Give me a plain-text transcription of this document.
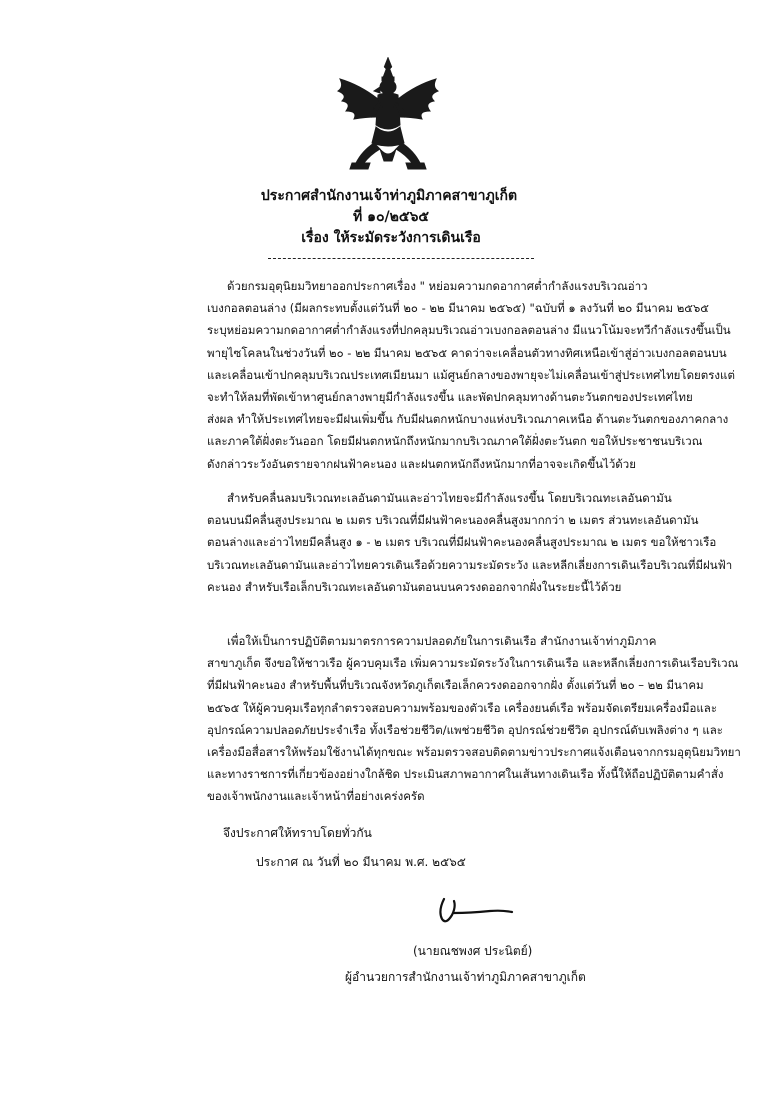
ประกาศสำนักงานเจ้าท่าภูมิภาคสาขาภูเก็ต
ที่ ๑๐/๒๕๖๕
เรื่อง ให้ระมัดระวังการเดินเรือ
ด้วยกรมอุตุนิยมวิทยาออกประกาศเรื่อง " หย่อมความกดอากาศต่ำกำลังแรงบริเวณอ่าว
เบงกอลตอนล่าง (มีผลกระทบตั้งแต่วันที่ ๒๐ - ๒๒ มีนาคม ๒๕๖๕) "ฉบับที่ ๑ ลงวันที่ ๒๐ มีนาคม ๒๕๖๕
ระบุหย่อมความกดอากาศต่ำกำลังแรงที่ปกคลุมบริเวณอ่าวเบงกอลตอนล่าง มีแนวโน้มจะทวีกำลังแรงขึ้นเป็น
พายุไซโคลนในช่วงวันที่ ๒๐ - ๒๒ มีนาคม ๒๕๖๕ คาดว่าจะเคลื่อนตัวทางทิศเหนือเข้าสู่อ่าวเบงกอลตอนบน
และเคลื่อนเข้าปกคลุมบริเวณประเทศเมียนมา แม้ศูนย์กลางของพายุจะไม่เคลื่อนเข้าสู่ประเทศไทยโดยตรงแต่
จะทำให้ลมที่พัดเข้าหาศูนย์กลางพายุมีกำลังแรงขึ้น และพัดปกคลุมทางด้านตะวันตกของประเทศไทย
ส่งผล ทำให้ประเทศไทยจะมีฝนเพิ่มขึ้น กับมีฝนตกหนักบางแห่งบริเวณภาคเหนือ ด้านตะวันตกของภาคกลาง
และภาคใต้ฝั่งตะวันออก โดยมีฝนตกหนักถึงหนักมากบริเวณภาคใต้ฝั่งตะวันตก ขอให้ประชาชนบริเวณ
ดังกล่าวระวังอันตรายจากฝนฟ้าคะนอง และฝนตกหนักถึงหนักมากที่อาจจะเกิดขึ้นไว้ด้วย
สำหรับคลื่นลมบริเวณทะเลอันดามันและอ่าวไทยจะมีกำลังแรงขึ้น โดยบริเวณทะเลอันดามัน
ตอนบนมีคลื่นสูงประมาณ ๒ เมตร บริเวณที่มีฝนฟ้าคะนองคลื่นสูงมากกว่า ๒ เมตร ส่วนทะเลอันดามัน
ตอนล่างและอ่าวไทยมีคลื่นสูง ๑ - ๒ เมตร บริเวณที่มีฝนฟ้าคะนองคลื่นสูงประมาณ ๒ เมตร ขอให้ชาวเรือ
บริเวณทะเลอันดามันและอ่าวไทยควรเดินเรือด้วยความระมัดระวัง และหลีกเลี่ยงการเดินเรือบริเวณที่มีฝนฟ้า
คะนอง สำหรับเรือเล็กบริเวณทะเลอันดามันตอนบนควรงดออกจากฝั่งในระยะนี้ไว้ด้วย
เพื่อให้เป็นการปฏิบัติตามมาตรการความปลอดภัยในการเดินเรือ สำนักงานเจ้าท่าภูมิภาค
สาขาภูเก็ต จึงขอให้ชาวเรือ ผู้ควบคุมเรือ เพิ่มความระมัดระวังในการเดินเรือ และหลีกเลี่ยงการเดินเรือบริเวณ
ที่มีฝนฟ้าคะนอง สำหรับพื้นที่บริเวณจังหวัดภูเก็ตเรือเล็กควรงดออกจากฝั่ง ตั้งแต่วันที่ ๒๐ – ๒๒ มีนาคม
๒๕๖๕ ให้ผู้ควบคุมเรือทุกลำตรวจสอบความพร้อมของตัวเรือ เครื่องยนต์เรือ พร้อมจัดเตรียมเครื่องมือและ
อุปกรณ์ความปลอดภัยประจำเรือ ทั้งเรือช่วยชีวิต/แพช่วยชีวิต อุปกรณ์ช่วยชีวิต อุปกรณ์ดับเพลิงต่าง ๆ และ
เครื่องมือสื่อสารให้พร้อมใช้งานได้ทุกขณะ พร้อมตรวจสอบติดตามข่าวประกาศแจ้งเตือนจากกรมอุตุนิยมวิทยา
และทางราชการที่เกี่ยวข้องอย่างใกล้ชิด ประเมินสภาพอากาศในเส้นทางเดินเรือ ทั้งนี้ให้ถือปฏิบัติตามคำสั่ง
ของเจ้าพนักงานและเจ้าหน้าที่อย่างเคร่งครัด
จึงประกาศให้ทราบโดยทั่วกัน
ประกาศ ณ วันที่ ๒๐ มีนาคม พ.ศ. ๒๕๖๕
(นายณชพงศ ประนิตย์)
ผู้อำนวยการสำนักงานเจ้าท่าภูมิภาคสาขาภูเก็ต
